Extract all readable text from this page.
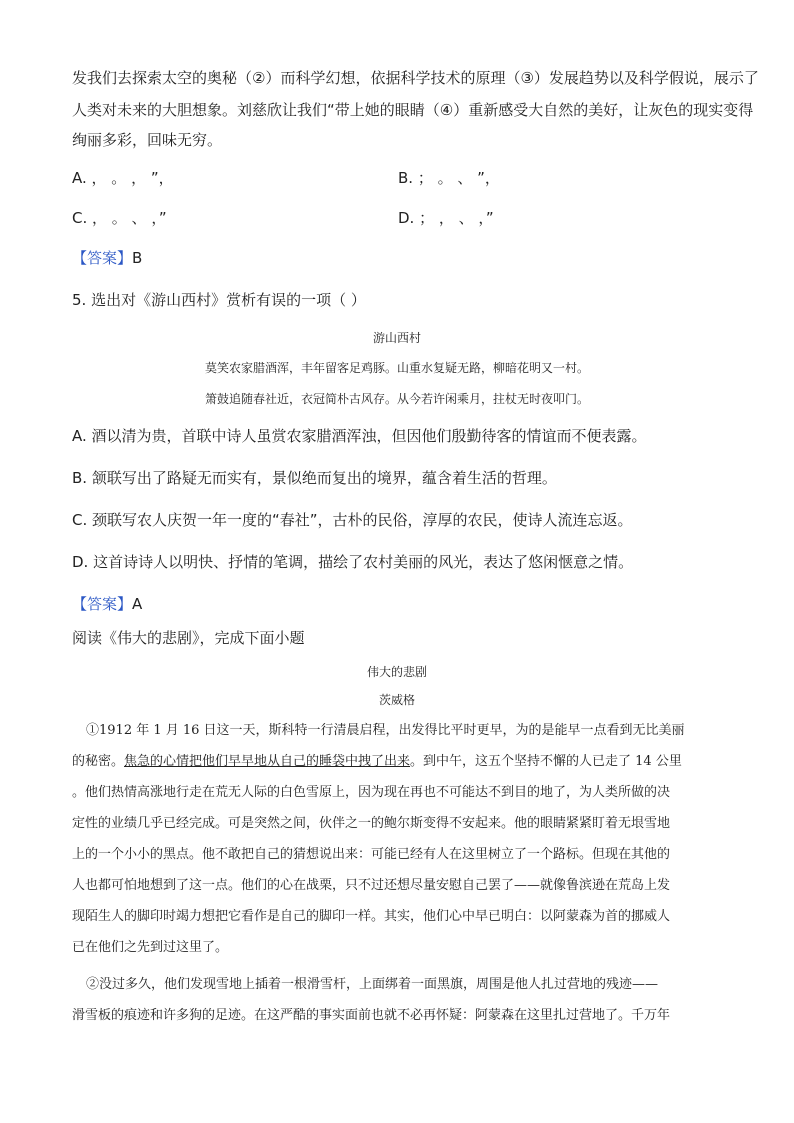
发我们去探索太空的奥秘（②）而科学幻想，依据科学技术的原理（③）发展趋势以及科学假说，展示了
人类对未来的大胆想象。刘慈欣让我们“带上她的眼睛（④）重新感受大自然的美好，让灰色的现实变得
绚丽多彩，回味无穷。
A. ， 。 ， ”，	B. ； 。 、 ”，
C. ， 。 、 ，”	D. ； ， 、 ，”
【答案】B
5. 选出对《游山西村》赏析有误的一项（ ）
游山西村
莫笑农家腊酒浑，丰年留客足鸡豚。山重水复疑无路，柳暗花明又一村。
箫鼓追随春社近，衣冠简朴古风存。从今若许闲乘月，拄杖无时夜叩门。
A. 酒以清为贵，首联中诗人虽赏农家腊酒浑浊，但因他们殷勤待客的情谊而不便表露。
B. 颔联写出了路疑无而实有，景似绝而复出的境界，蕴含着生活的哲理。
C. 颈联写农人庆贺一年一度的“春社”，古朴的民俗，淳厚的农民，使诗人流连忘返。
D. 这首诗诗人以明快、抒情的笔调，描绘了农村美丽的风光，表达了悠闲惬意之情。
【答案】A
阅读《伟大的悲剧》，完成下面小题
伟大的悲剧
茨威格
①1912 年 1 月 16 日这一天，斯科特一行清晨启程，出发得比平时更早，为的是能早一点看到无比美丽
的秘密。焦急的心情把他们早早地从自己的睡袋中拽了出来。到中午，这五个坚持不懈的人已走了 14 公里
。他们热情高涨地行走在荒无人际的白色雪原上，因为现在再也不可能达不到目的地了，为人类所做的决
定性的业绩几乎已经完成。可是突然之间，伙伴之一的鲍尔斯变得不安起来。他的眼睛紧紧盯着无垠雪地
上的一个小小的黑点。他不敢把自己的猜想说出来：可能已经有人在这里树立了一个路标。但现在其他的
人也都可怕地想到了这一点。他们的心在战栗，只不过还想尽量安慰自己罢了——就像鲁滨逊在荒岛上发
现陌生人的脚印时竭力想把它看作是自己的脚印一样。其实，他们心中早已明白：以阿蒙森为首的挪威人
已在他们之先到过这里了。
②没过多久，他们发现雪地上插着一根滑雪杆，上面绑着一面黑旗，周围是他人扎过营地的残迹——
滑雪板的痕迹和许多狗的足迹。在这严酷的事实面前也就不必再怀疑：阿蒙森在这里扎过营地了。千万年
